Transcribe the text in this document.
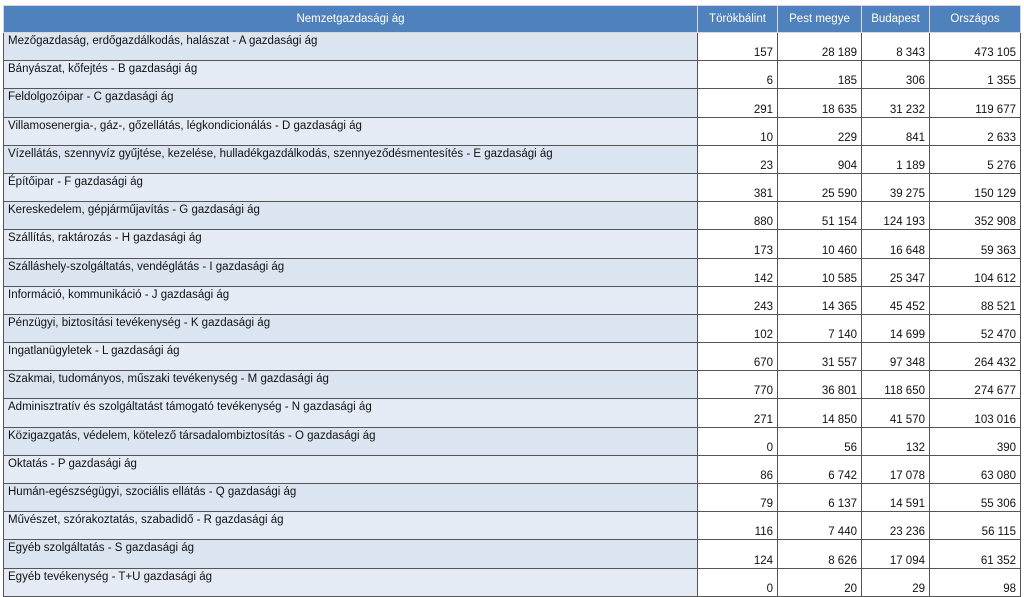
Nemzetgazdasági ág	Törökbálint	Pest megye	Budapest	Országos
Mezőgazdaság, erdőgazdálkodás, halászat - A gazdasági ág	157	28 189	8 343	473 105
Bányászat, kőfejtés - B gazdasági ág	6	185	306	1 355
Feldolgozóipar - C gazdasági ág	291	18 635	31 232	119 677
Villamosenergia-, gáz-, gőzellátás, légkondicionálás - D gazdasági ág	10	229	841	2 633
Vízellátás, szennyvíz gyűjtése, kezelése, hulladékgazdálkodás, szennyeződésmentesítés - E gazdasági ág	23	904	1 189	5 276
Építőipar - F gazdasági ág	381	25 590	39 275	150 129
Kereskedelem, gépjárműjavítás - G gazdasági ág	880	51 154	124 193	352 908
Szállítás, raktározás - H gazdasági ág	173	10 460	16 648	59 363
Szálláshely-szolgáltatás, vendéglátás - I gazdasági ág	142	10 585	25 347	104 612
Információ, kommunikáció - J gazdasági ág	243	14 365	45 452	88 521
Pénzügyi, biztosítási tevékenység - K gazdasági ág	102	7 140	14 699	52 470
Ingatlanügyletek - L gazdasági ág	670	31 557	97 348	264 432
Szakmai, tudományos, műszaki tevékenység - M gazdasági ág	770	36 801	118 650	274 677
Adminisztratív és szolgáltatást támogató tevékenység - N gazdasági ág	271	14 850	41 570	103 016
Közigazgatás, védelem, kötelező társadalombiztosítás - O gazdasági ág	0	56	132	390
Oktatás - P gazdasági ág	86	6 742	17 078	63 080
Humán-egészségügyi, szociális ellátás - Q gazdasági ág	79	6 137	14 591	55 306
Művészet, szórakoztatás, szabadidő - R gazdasági ág	116	7 440	23 236	56 115
Egyéb szolgáltatás - S gazdasági ág	124	8 626	17 094	61 352
Egyéb tevékenység - T+U gazdasági ág	0	20	29	98
